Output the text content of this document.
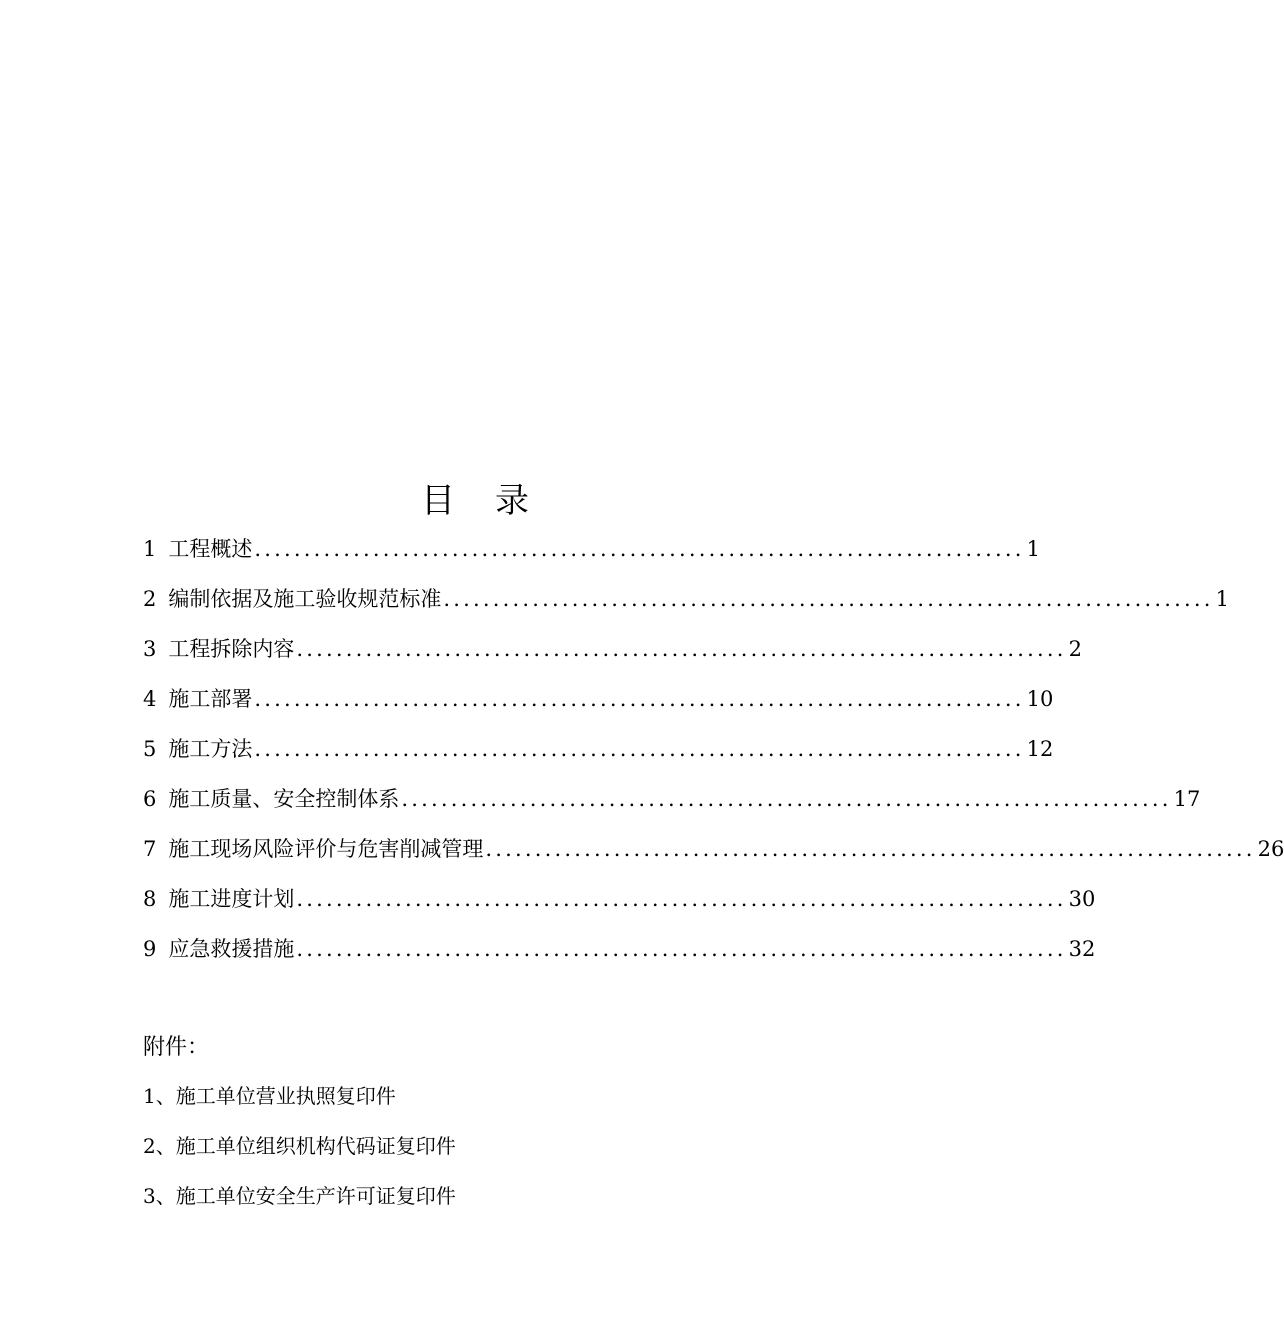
目 录
1 工程概述 .............................................................................. 1
2 编制依据及施工验收规范标准 .............................................................................. 1
3 工程拆除内容 .............................................................................. 2
4 施工部署 .............................................................................. 10
5 施工方法 .............................................................................. 12
6 施工质量、安全控制体系 .............................................................................. 17
7 施工现场风险评价与危害削减管理 .............................................................................. 26
8 施工进度计划 .............................................................................. 30
9 应急救援措施 .............................................................................. 32
附件：
1、施工单位营业执照复印件
2、施工单位组织机构代码证复印件
3、施工单位安全生产许可证复印件
